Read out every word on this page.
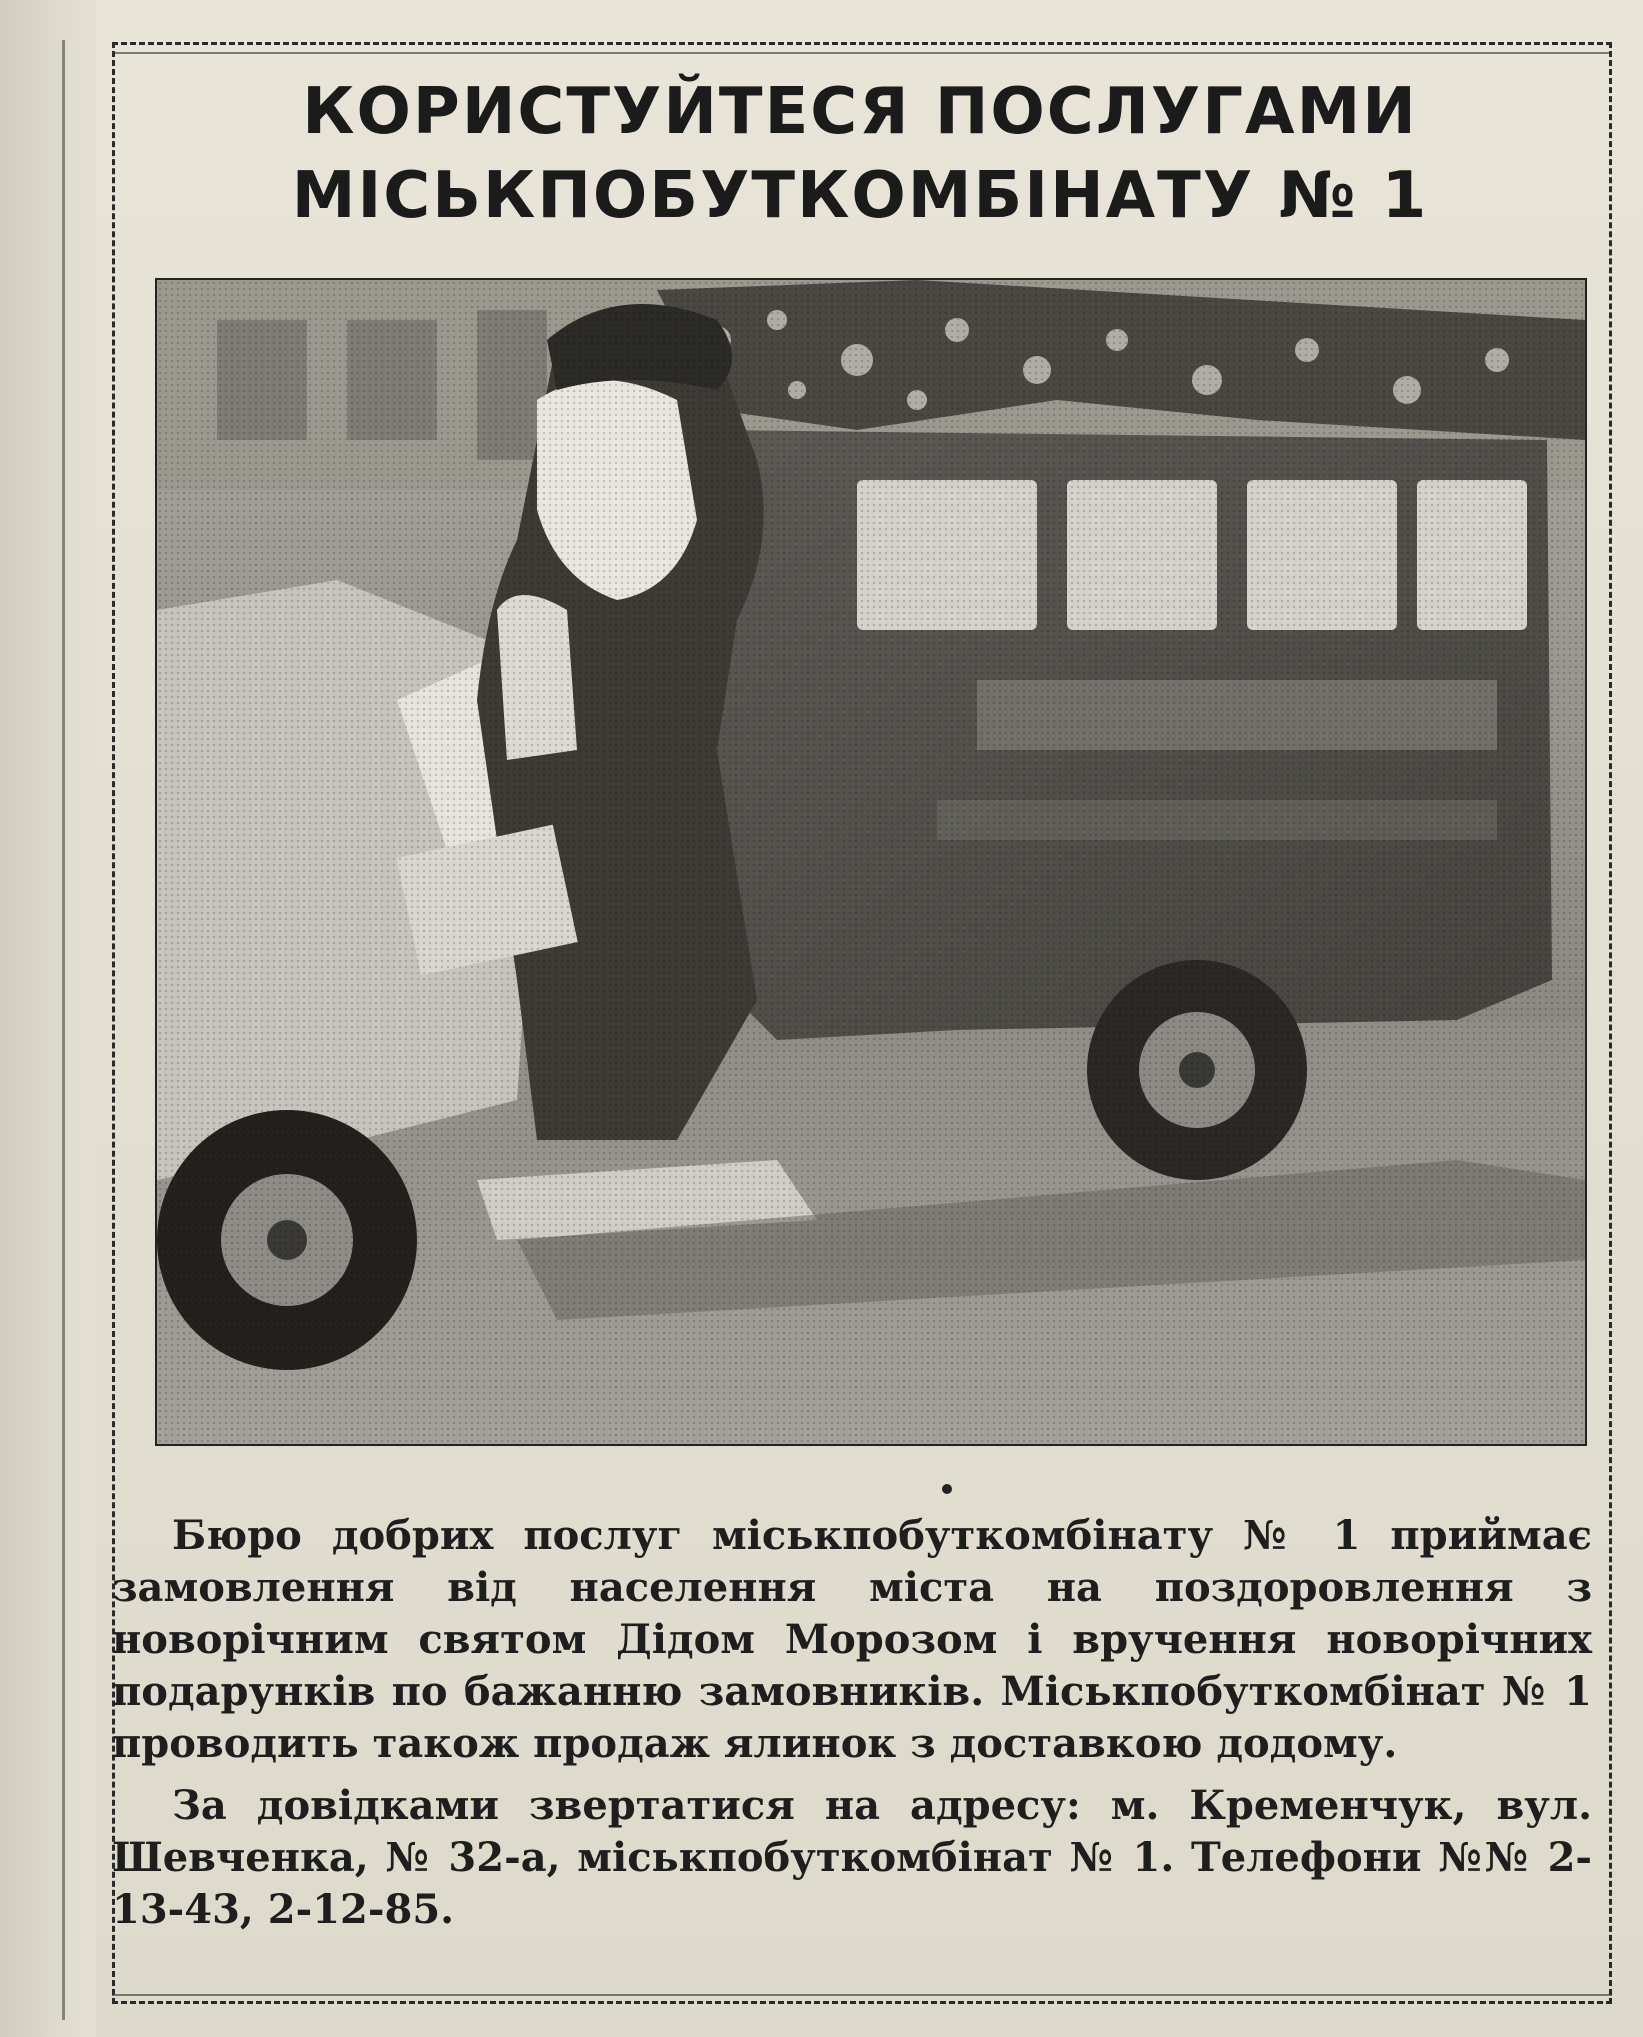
КОРИСТУЙТЕСЯ ПОСЛУГАМИ
МІСЬКПОБУТКОМБІНАТУ № 1

Бюро добрих послуг міськпобуткомбінату № 1 приймає замовлення від населення міста на поздоровлення з новорічним святом Дідом Морозом і вручення новорічних подарунків по бажанню замовників. Міськпобуткомбінат № 1 проводить також продаж ялинок з доставкою додому.

За довідками звертатися на адресу: м. Кременчук, вул. Шевченка, № 32-а, міськпобуткомбінат № 1. Телефони №№ 2-13-43, 2-12-85.
